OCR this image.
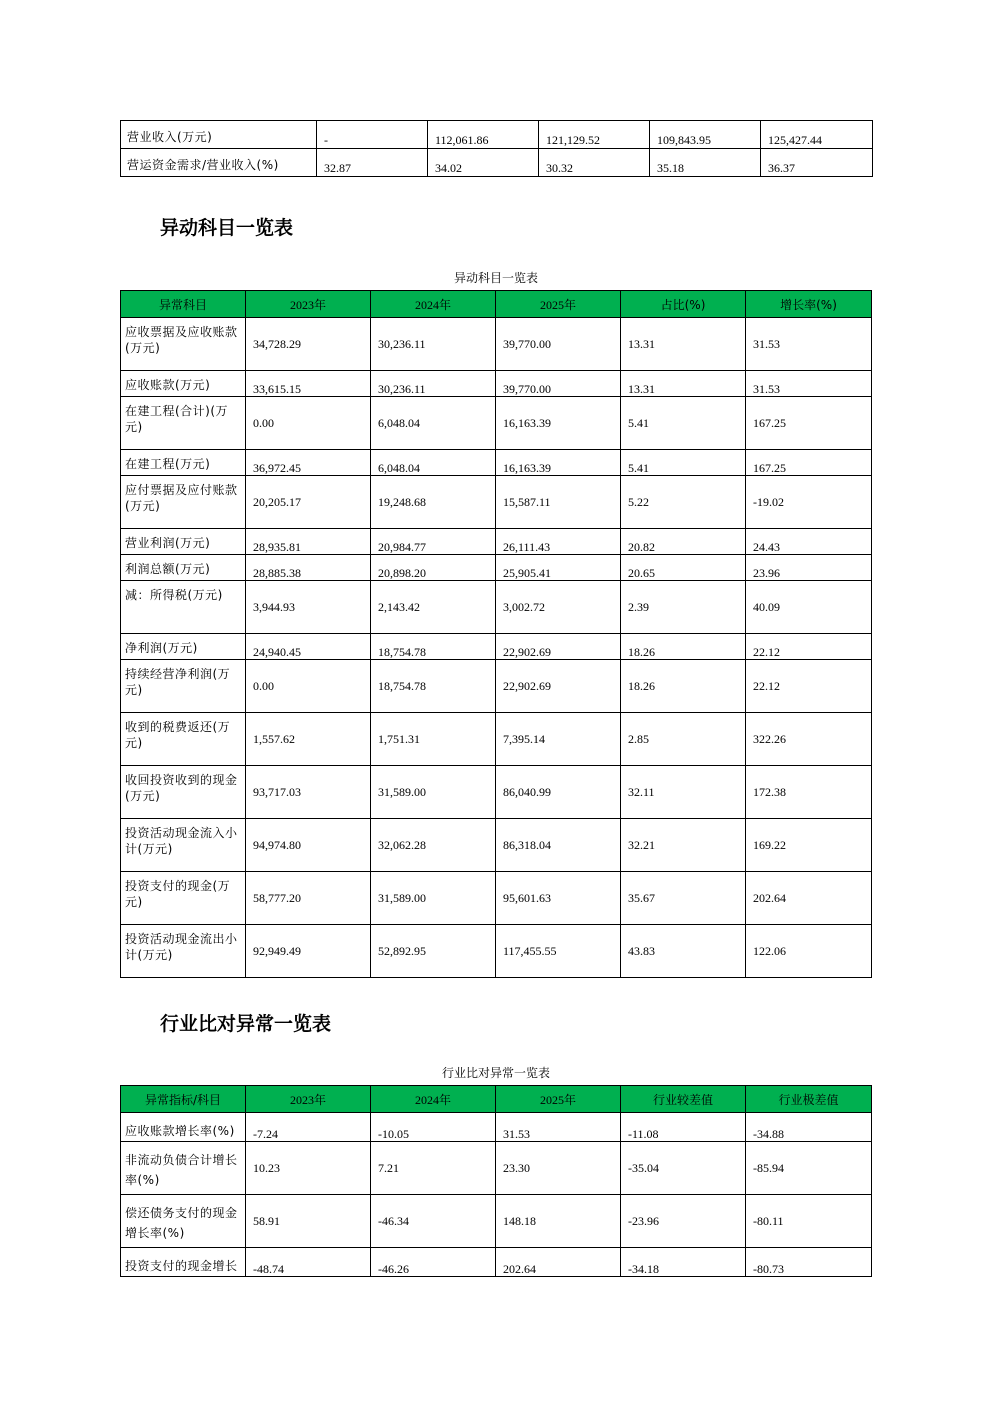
营业收入(万元)	-	112,061.86	121,129.52	109,843.95	125,427.44
营运资金需求/营业收入(%)	32.87	34.02	30.32	35.18	36.37
异动科目一览表

异动科目一览表

异常科目	2023年	2024年	2025年	占比(%)	增长率(%)
应收票据及应收账款(万元)	34,728.29	30,236.11	39,770.00	13.31	31.53
应收账款(万元)	33,615.15	30,236.11	39,770.00	13.31	31.53
在建工程(合计)(万元)	0.00	6,048.04	16,163.39	5.41	167.25
在建工程(万元)	36,972.45	6,048.04	16,163.39	5.41	167.25
应付票据及应付账款(万元)	20,205.17	19,248.68	15,587.11	5.22	-19.02
营业利润(万元)	28,935.81	20,984.77	26,111.43	20.82	24.43
利润总额(万元)	28,885.38	20,898.20	25,905.41	20.65	23.96
减：所得税(万元)	3,944.93	2,143.42	3,002.72	2.39	40.09
净利润(万元)	24,940.45	18,754.78	22,902.69	18.26	22.12
持续经营净利润(万元)	0.00	18,754.78	22,902.69	18.26	22.12
收到的税费返还(万元)	1,557.62	1,751.31	7,395.14	2.85	322.26
收回投资收到的现金(万元)	93,717.03	31,589.00	86,040.99	32.11	172.38
投资活动现金流入小计(万元)	94,974.80	32,062.28	86,318.04	32.21	169.22
投资支付的现金(万元)	58,777.20	31,589.00	95,601.63	35.67	202.64
投资活动现金流出小计(万元)	92,949.49	52,892.95	117,455.55	43.83	122.06
行业比对异常一览表

行业比对异常一览表

异常指标/科目	2023年	2024年	2025年	行业较差值	行业极差值
应收账款增长率(%)	-7.24	-10.05	31.53	-11.08	-34.88
非流动负债合计增长率(%)	10.23	7.21	23.30	-35.04	-85.94
偿还债务支付的现金增长率(%)	58.91	-46.34	148.18	-23.96	-80.11
投资支付的现金增长	-48.74	-46.26	202.64	-34.18	-80.73
